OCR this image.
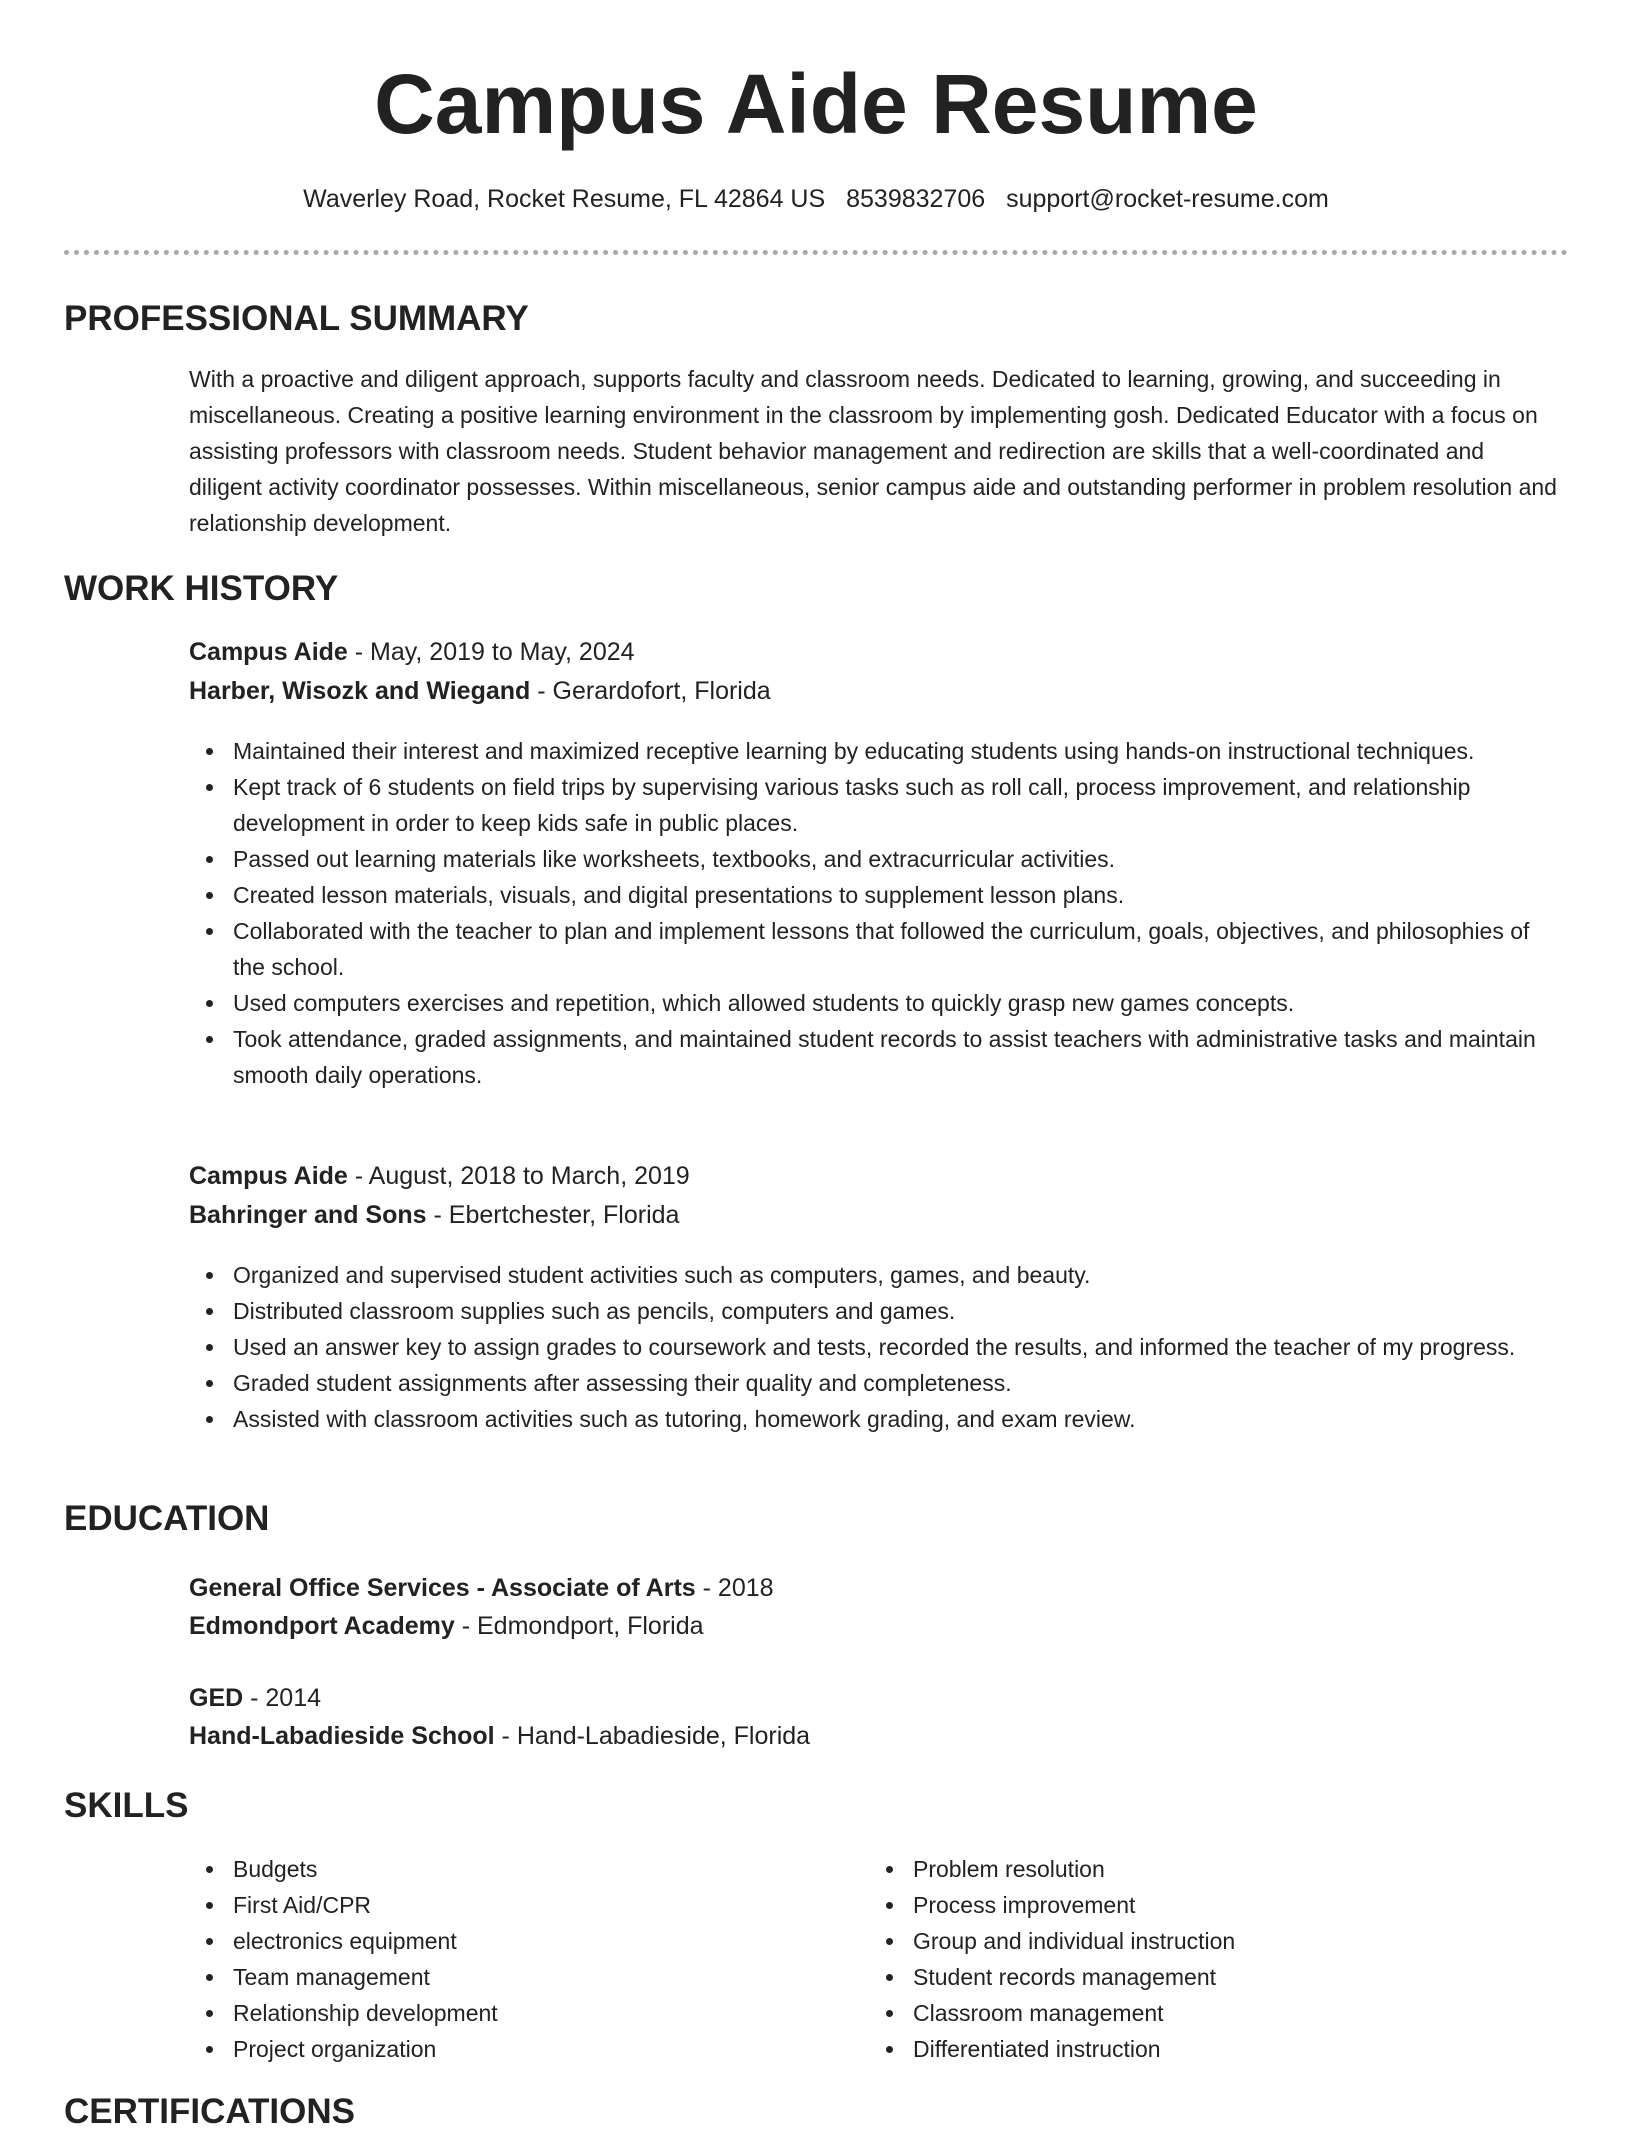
Campus Aide Resume
Waverley Road, Rocket Resume, FL 42864 US 8539832706 support@rocket-resume.com
PROFESSIONAL SUMMARY

With a proactive and diligent approach, supports faculty and classroom needs. Dedicated to learning, growing, and succeeding in miscellaneous. Creating a positive learning environment in the classroom by implementing gosh. Dedicated Educator with a focus on assisting professors with classroom needs. Student behavior management and redirection are skills that a well-coordinated and diligent activity coordinator possesses. Within miscellaneous, senior campus aide and outstanding performer in problem resolution and relationship development.

WORK HISTORY
Campus Aide - May, 2019 to May, 2024
Harber, Wisozk and Wiegand - Gerardofort, Florida
Maintained their interest and maximized receptive learning by educating students using hands-on instructional techniques.
Kept track of 6 students on field trips by supervising various tasks such as roll call, process improvement, and relationship development in order to keep kids safe in public places.
Passed out learning materials like worksheets, textbooks, and extracurricular activities.
Created lesson materials, visuals, and digital presentations to supplement lesson plans.
Collaborated with the teacher to plan and implement lessons that followed the curriculum, goals, objectives, and philosophies of the school.
Used computers exercises and repetition, which allowed students to quickly grasp new games concepts.
Took attendance, graded assignments, and maintained student records to assist teachers with administrative tasks and maintain smooth daily operations.
Campus Aide - August, 2018 to March, 2019
Bahringer and Sons - Ebertchester, Florida
Organized and supervised student activities such as computers, games, and beauty.
Distributed classroom supplies such as pencils, computers and games.
Used an answer key to assign grades to coursework and tests, recorded the results, and informed the teacher of my progress.
Graded student assignments after assessing their quality and completeness.
Assisted with classroom activities such as tutoring, homework grading, and exam review.
EDUCATION
General Office Services - Associate of Arts - 2018
Edmondport Academy - Edmondport, Florida
GED - 2014
Hand-Labadieside School - Hand-Labadieside, Florida
SKILLS
Budgets
First Aid/CPR
electronics equipment
Team management
Relationship development
Project organization
Problem resolution
Process improvement
Group and individual instruction
Student records management
Classroom management
Differentiated instruction
CERTIFICATIONS
